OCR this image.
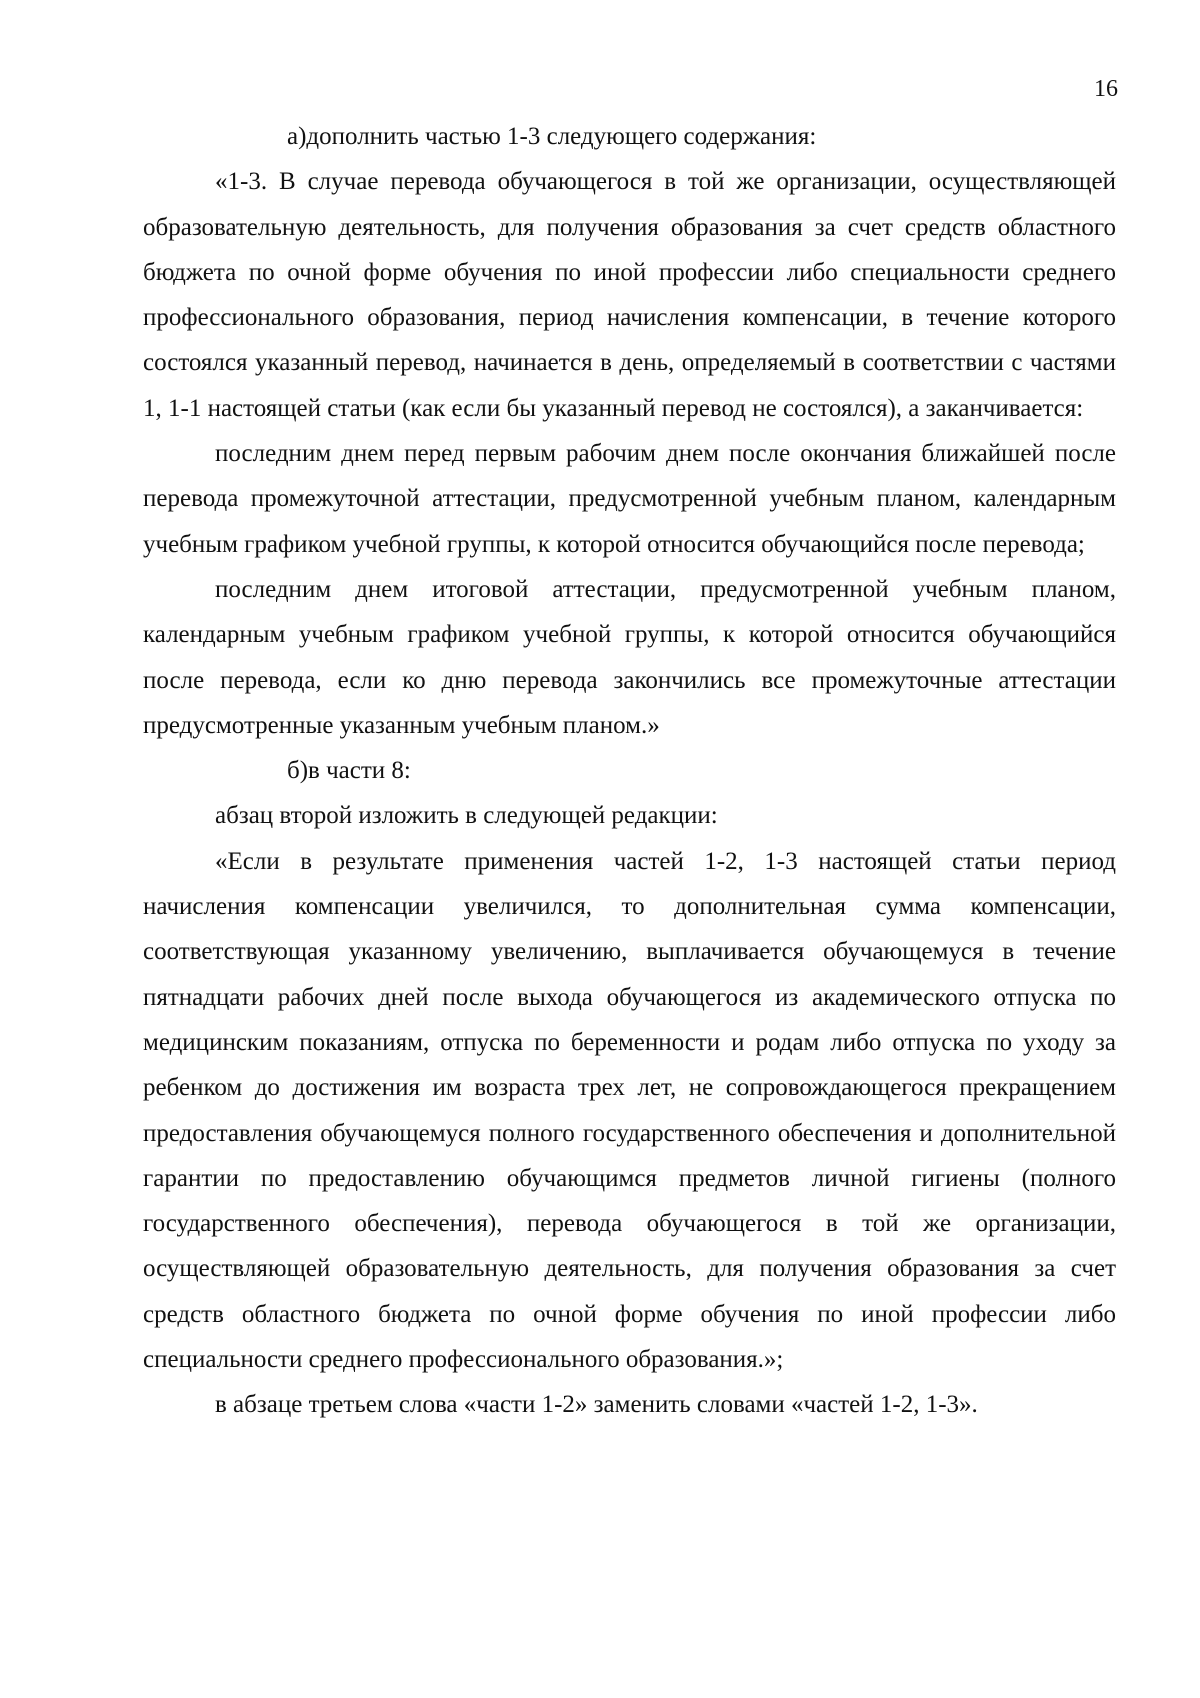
16

а)дополнить частью 1-3 следующего содержания:

«1-3. В случае перевода обучающегося в той же организации, осуществляющей образовательную деятельность, для получения образования за счет средств областного бюджета по очной форме обучения по иной профессии либо специальности среднего профессионального образования, период начисления компенсации, в течение которого состоялся указанный перевод, начинается в день, определяемый в соответствии с частями 1, 1-1 настоящей статьи (как если бы указанный перевод не состоялся), а заканчивается:

последним днем перед первым рабочим днем после окончания ближайшей после перевода промежуточной аттестации, предусмотренной учебным планом, календарным учебным графиком учебной группы, к которой относится обучающийся после перевода;

последним днем итоговой аттестации, предусмотренной учебным планом, календарным учебным графиком учебной группы, к которой относится обучающийся после перевода, если ко дню перевода закончились все промежуточные аттестации предусмотренные указанным учебным планом.»

б)в части 8:

абзац второй изложить в следующей редакции:

«Если в результате применения частей 1-2, 1-3 настоящей статьи период начисления компенсации увеличился, то дополнительная сумма компенсации, соответствующая указанному увеличению, выплачивается обучающемуся в течение пятнадцати рабочих дней после выхода обучающегося из академического отпуска по медицинским показаниям, отпуска по беременности и родам либо отпуска по уходу за ребенком до достижения им возраста трех лет, не сопровождающегося прекращением предоставления обучающемуся полного государственного обеспечения и дополнительной гарантии по предоставлению обучающимся предметов личной гигиены (полного государственного обеспечения), перевода обучающегося в той же организации, осуществляющей образовательную деятельность, для получения образования за счет средств областного бюджета по очной форме обучения по иной профессии либо специальности среднего профессионального образования.»;

в абзаце третьем слова «части 1-2» заменить словами «частей 1-2, 1-3».
